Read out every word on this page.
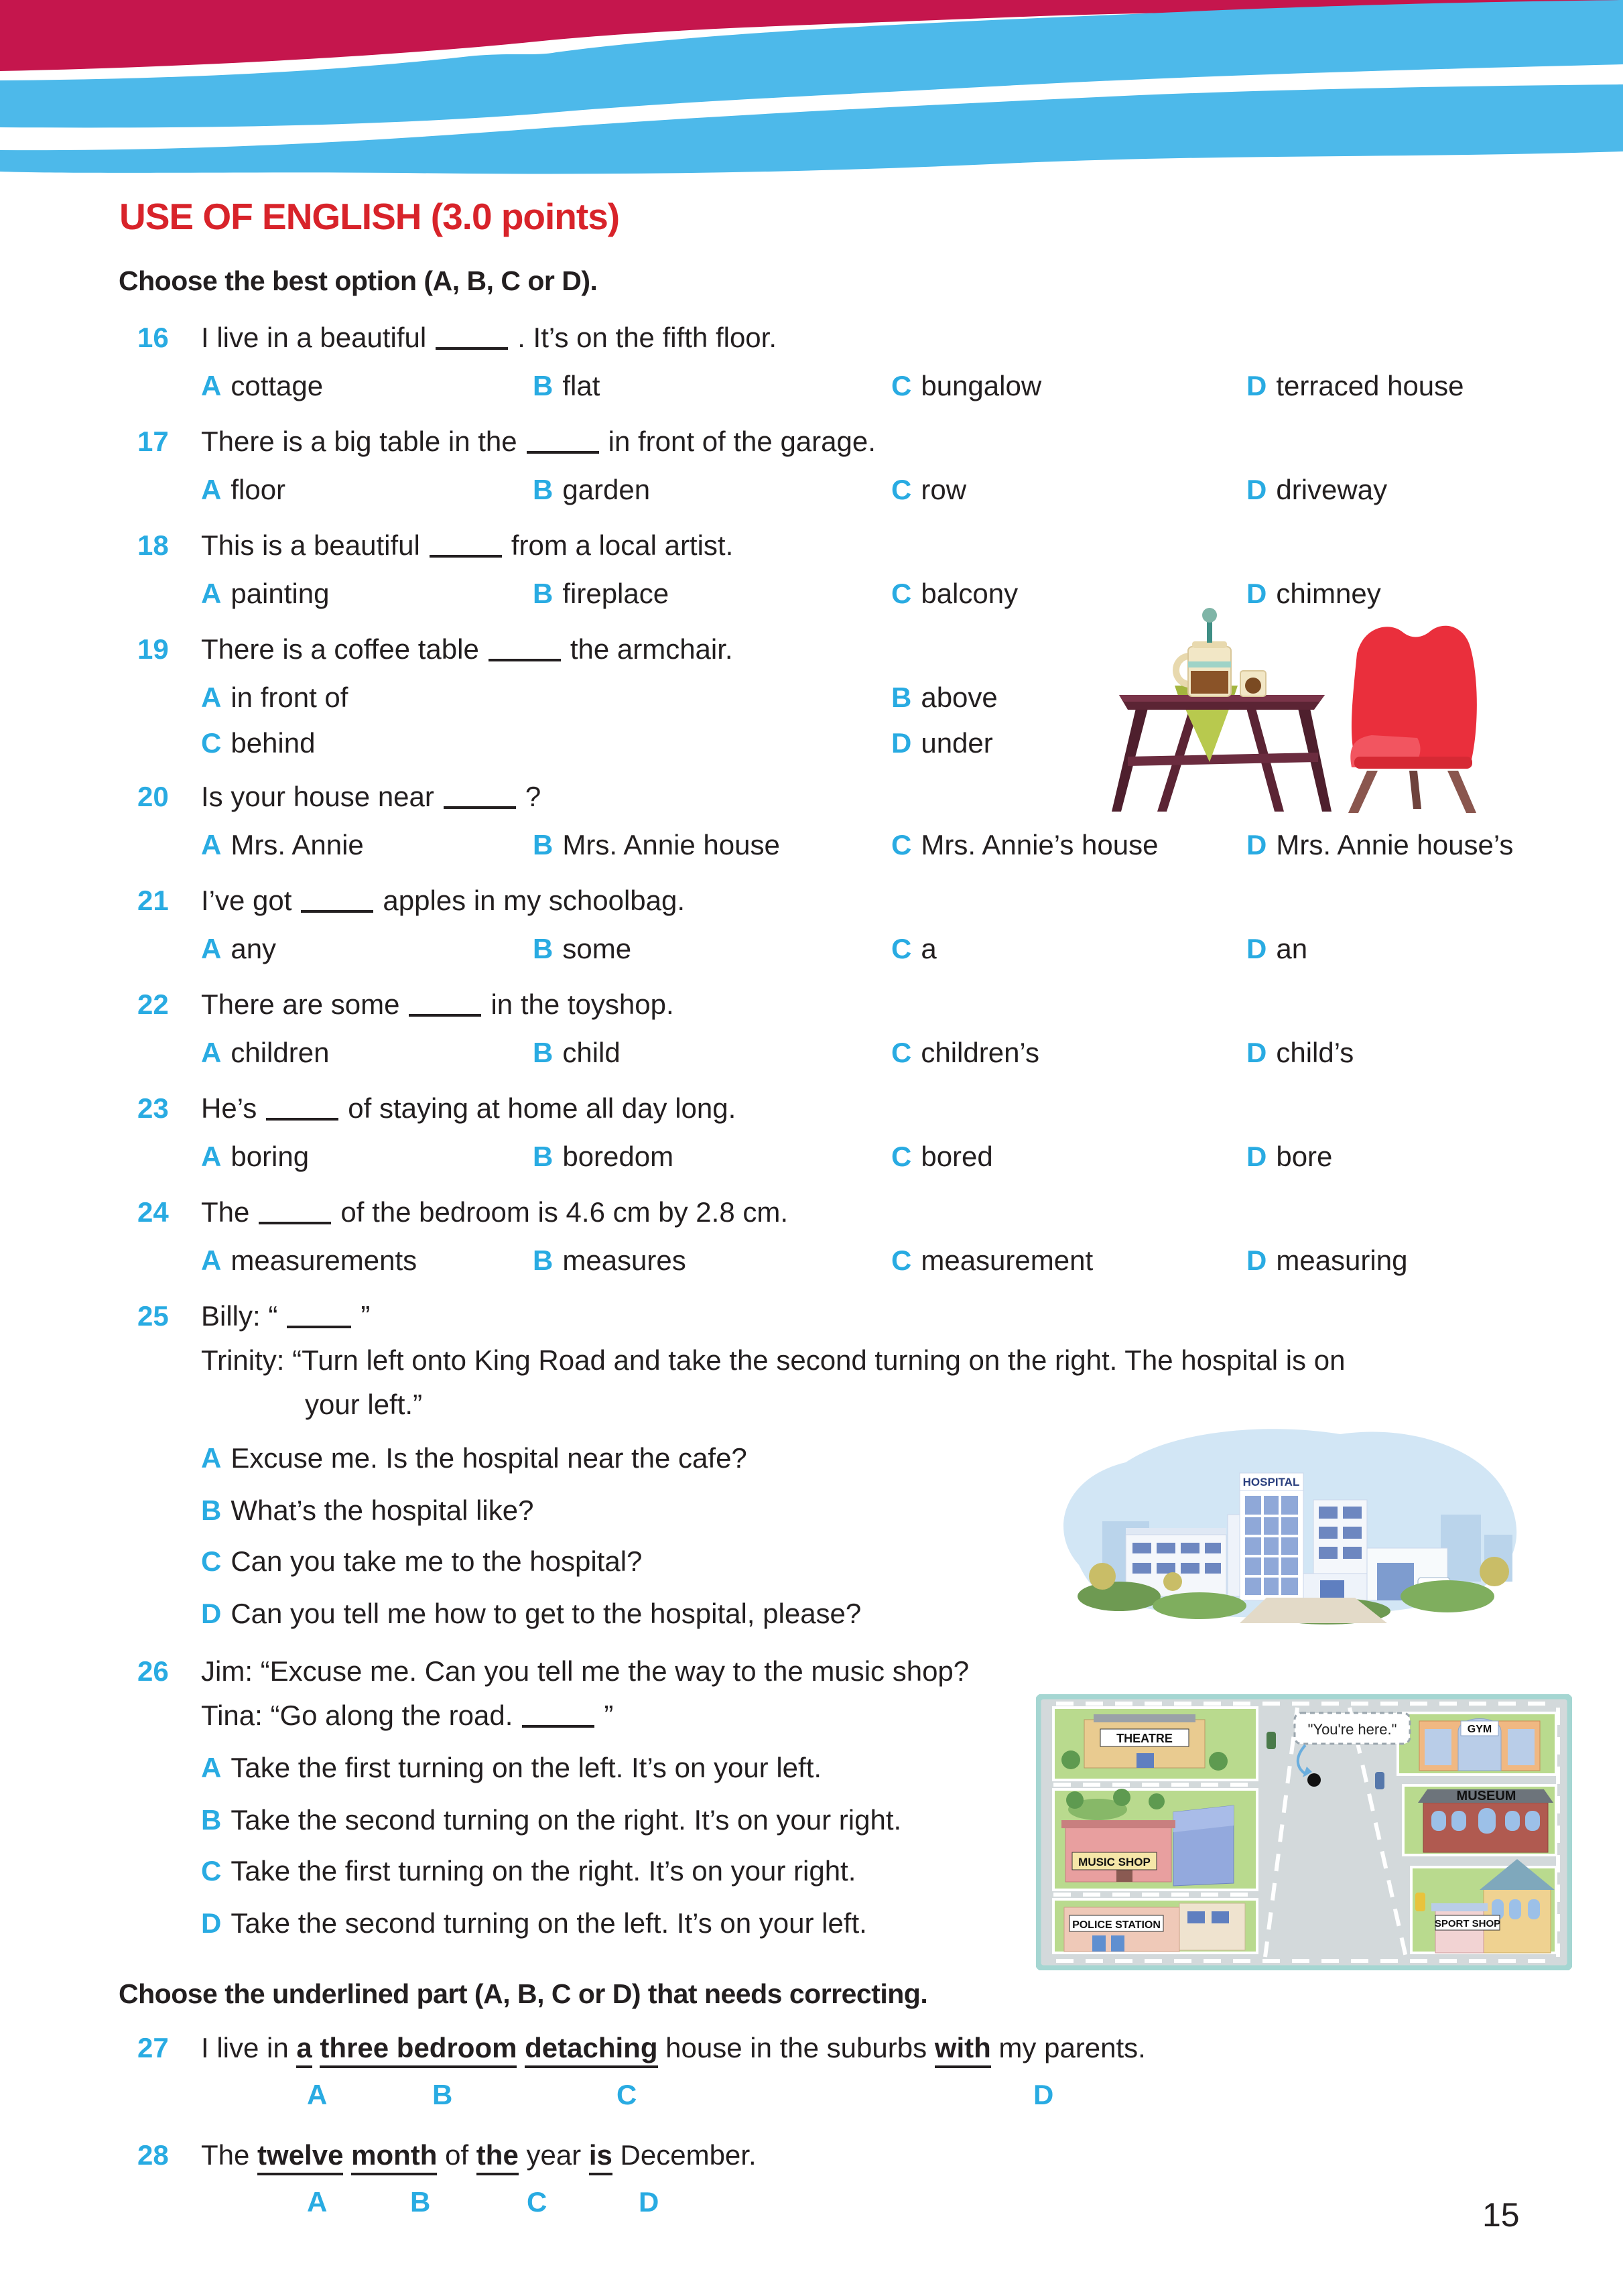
USE OF ENGLISH (3.0 points)
Choose the best option (A, B, C or D).
16	I live in a beautiful	. It’s on the fifth floor.
A cottage	B flat	C bungalow	D terraced house
17	There is a big table in the	in front of the garage.
A floor	B garden	C row	D driveway
18	This is a beautiful	from a local artist.
A painting	B fireplace	C balcony	D chimney
19	There is a coffee table	the armchair.
A in front of	B above
C behind	D under
20	Is your house near	?
A Mrs. Annie	B Mrs. Annie house	C Mrs. Annie’s house	D Mrs. Annie house’s
21	I’ve got	apples in my schoolbag.
A any	B some	C a	D an
22	There are some	in the toyshop.
A children	B child	C children’s	D child’s
23	He’s	of staying at home all day long.
A boring	B boredom	C bored	D bore
24	The	of the bedroom is 4.6 cm by 2.8 cm.
A measurements	B measures	C measurement	D measuring
25	Billy: “	”
Trinity: “Turn left onto King Road and take the second turning on the right. The hospital is on
your left.”
A Excuse me. Is the hospital near the cafe?
B What’s the hospital like?
C Can you take me to the hospital?
D Can you tell me how to get to the hospital, please?
HOSPITAL
26	Jim: “Excuse me. Can you tell me the way to the music shop?
Tina: “Go along the road.	”
A Take the first turning on the left. It’s on your left.
B Take the second turning on the right. It’s on your right.
C Take the first turning on the right. It’s on your right.
D Take the second turning on the left. It’s on your left.
THEATRE
MUSIC SHOP
POLICE STATION
GYM
MUSEUM
SPORT SHOP
"You're here."
Choose the underlined part (A, B, C or D) that needs correcting.
27	I live in a three bedroom detaching house in the suburbs with my parents.
A	B	C	D
28	The twelve month of the year is December.
A	B	C	D	15
